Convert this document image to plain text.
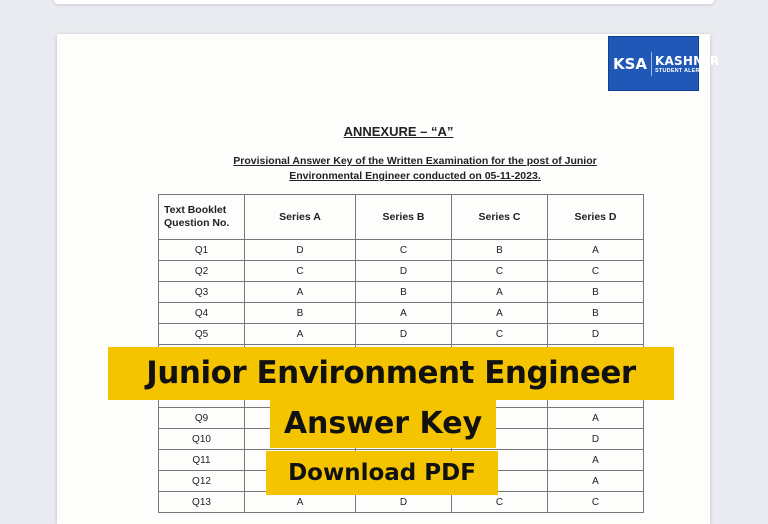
KSA KASHMIR
STUDENT ALERTS
ANNEXURE – “A”
Provisional Answer Key of the Written Examination for the post of Junior
Environmental Engineer conducted on 05-11-2023.
Text Booklet Question No.	Series A	Series B	Series C	Series D
Q1	D	C	B	A
Q2	C	D	C	C
Q3	A	B	A	B
Q4	B	A	A	B
Q5	A	D	C	D

Q9				A
Q10				D
Q11				A
Q12				A
Q13	A	D	C	C
Junior Environment Engineer
Answer Key
Download PDF
